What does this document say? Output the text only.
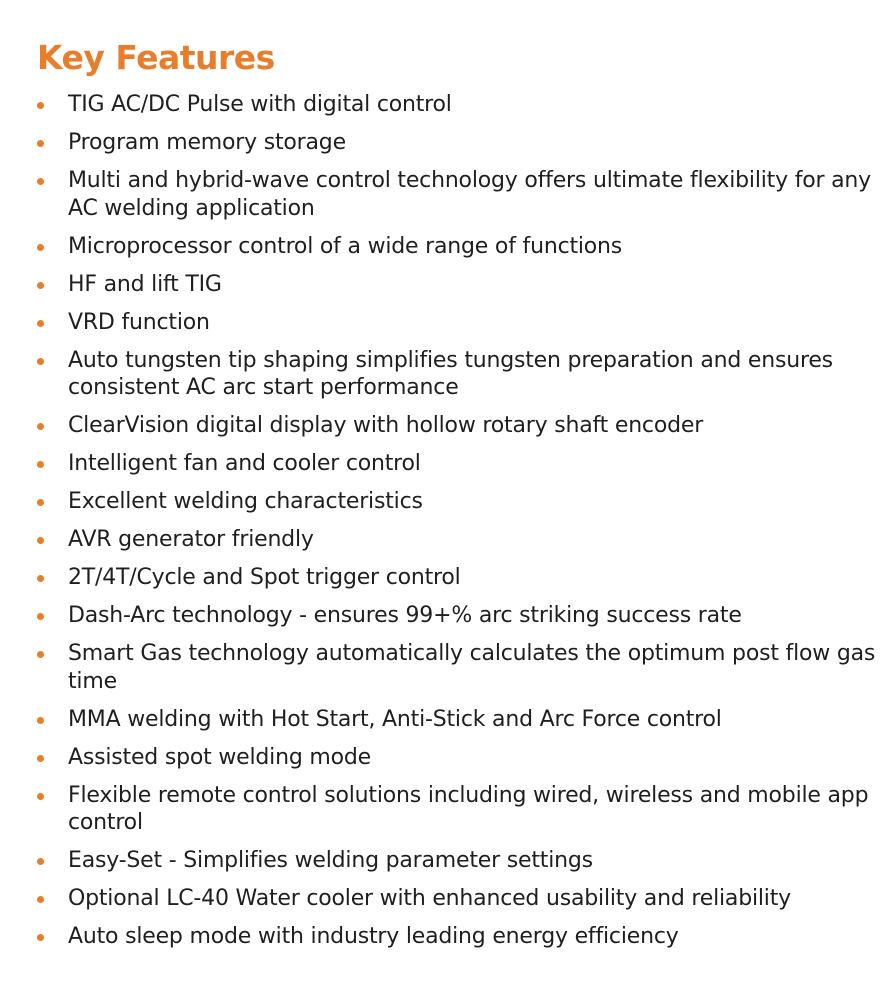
Key Features
TIG AC/DC Pulse with digital control
Program memory storage
Multi and hybrid-wave control technology offers ultimate flexibility for any AC welding application
Microprocessor control of a wide range of functions
HF and lift TIG
VRD function
Auto tungsten tip shaping simplifies tungsten preparation and ensures consistent AC arc start performance
ClearVision digital display with hollow rotary shaft encoder
Intelligent fan and cooler control
Excellent welding characteristics
AVR generator friendly
2T/4T/Cycle and Spot trigger control
Dash-Arc technology - ensures 99+% arc striking success rate
Smart Gas technology automatically calculates the optimum post flow gas time
MMA welding with Hot Start, Anti-Stick and Arc Force control
Assisted spot welding mode
Flexible remote control solutions including wired, wireless and mobile app control
Easy-Set - Simplifies welding parameter settings
Optional LC-40 Water cooler with enhanced usability and reliability
Auto sleep mode with industry leading energy efficiency
